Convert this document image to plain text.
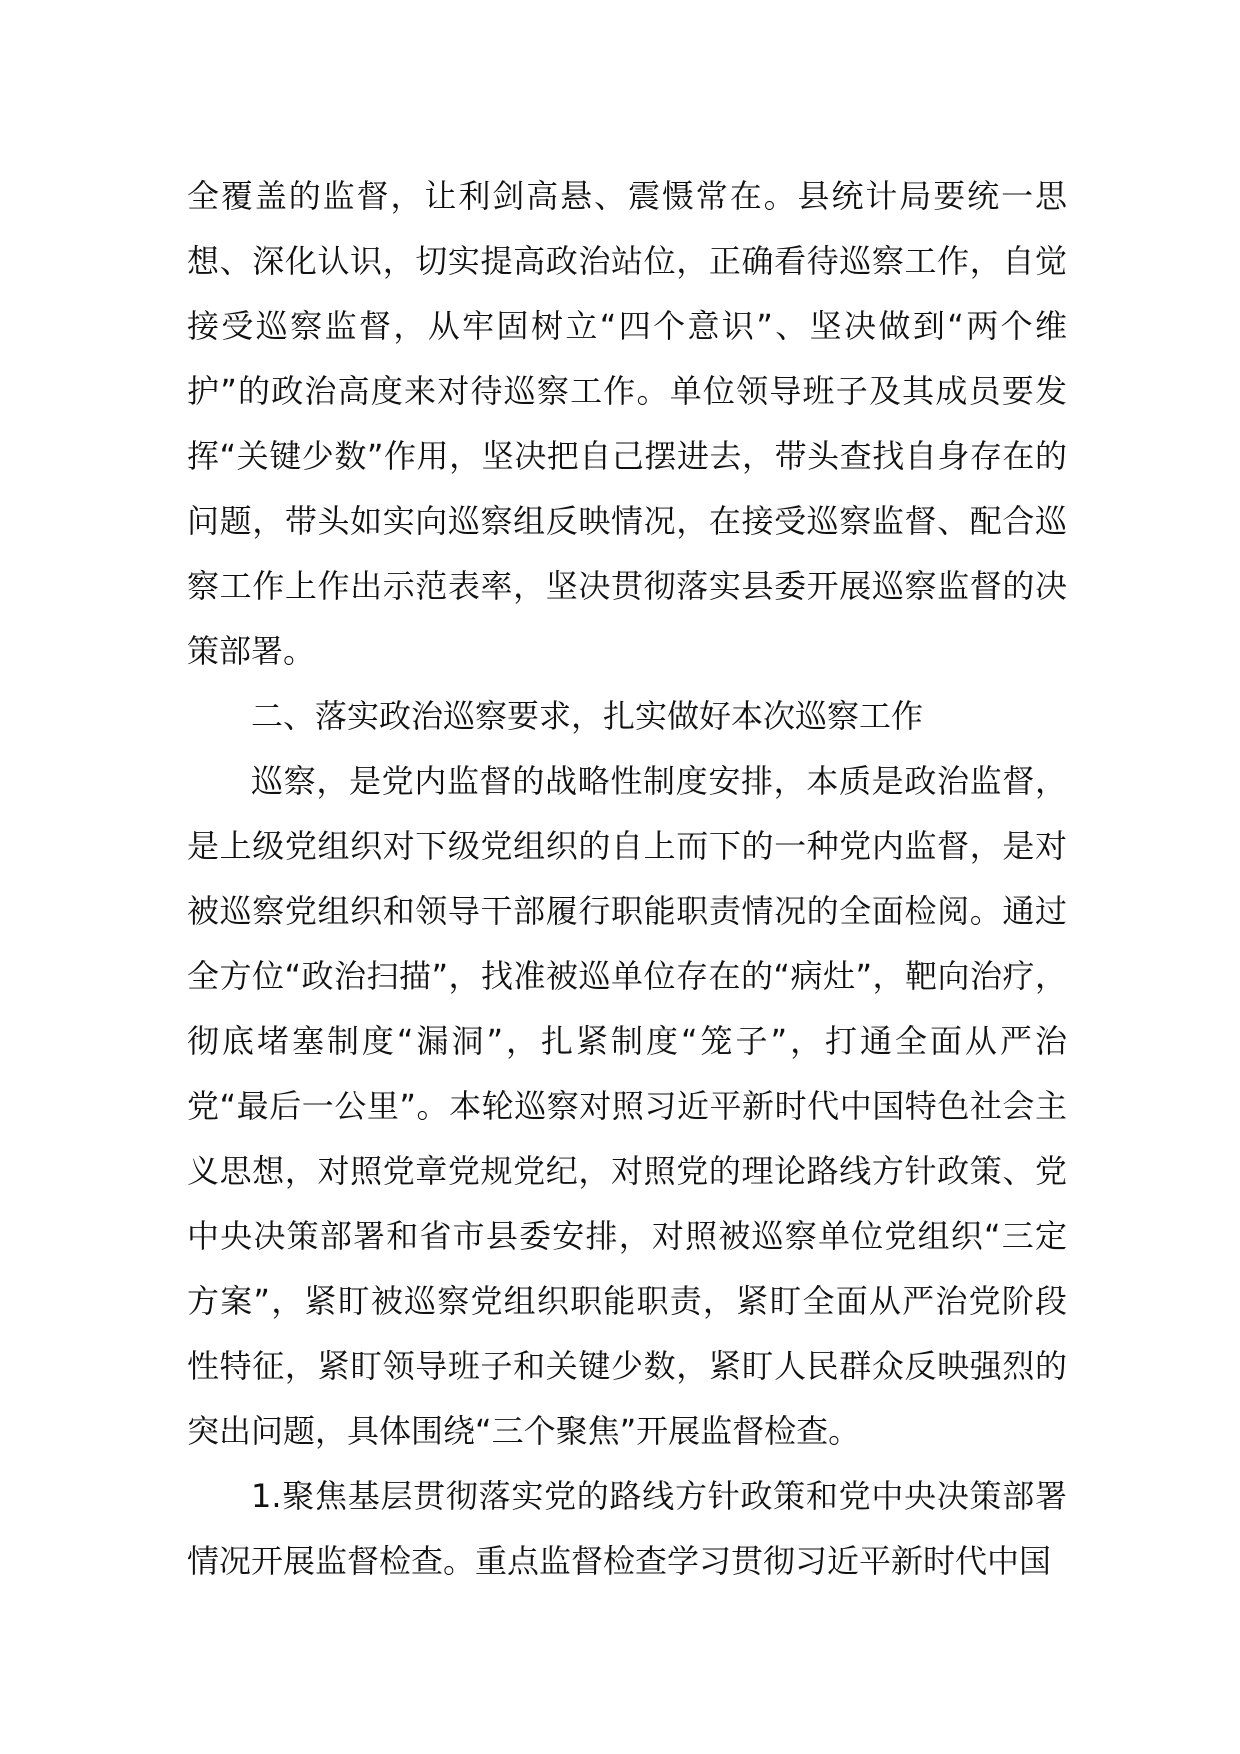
全覆盖的监督，让利剑高悬、震慑常在。县统计局要统一思想、深化认识，切实提高政治站位，正确看待巡察工作，自觉接受巡察监督，从牢固树立“四个意识”、坚决做到“两个维护”的政治高度来对待巡察工作。单位领导班子及其成员要发挥“关键少数”作用，坚决把自己摆进去，带头查找自身存在的问题，带头如实向巡察组反映情况，在接受巡察监督、配合巡察工作上作出示范表率，坚决贯彻落实县委开展巡察监督的决策部署。

二、落实政治巡察要求，扎实做好本次巡察工作

巡察，是党内监督的战略性制度安排，本质是政治监督，是上级党组织对下级党组织的自上而下的一种党内监督，是对被巡察党组织和领导干部履行职能职责情况的全面检阅。通过全方位“政治扫描”，找准被巡单位存在的“病灶”，靶向治疗，彻底堵塞制度“漏洞”，扎紧制度“笼子”，打通全面从严治党“最后一公里”。本轮巡察对照习近平新时代中国特色社会主义思想，对照党章党规党纪，对照党的理论路线方针政策、党中央决策部署和省市县委安排，对照被巡察单位党组织“三定方案”，紧盯被巡察党组织职能职责，紧盯全面从严治党阶段性特征，紧盯领导班子和关键少数，紧盯人民群众反映强烈的突出问题，具体围绕“三个聚焦”开展监督检查。

1.聚焦基层贯彻落实党的路线方针政策和党中央决策部署情况开展监督检查。重点监督检查学习贯彻习近平新时代中国
